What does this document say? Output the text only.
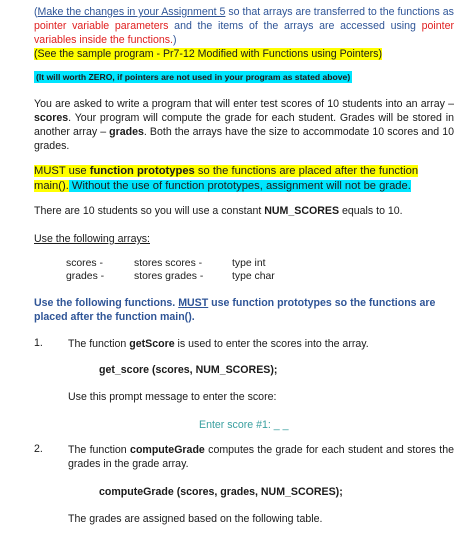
(Make the changes in your Assignment 5 so that arrays are transferred to the functions as pointer variable parameters and the items of the arrays are accessed using pointer variables inside the functions.)
(See the sample program - Pr7-12 Modified with Functions using Pointers)
(It will worth ZERO, if pointers are not used in your program as stated above)
You are asked to write a program that will enter test scores of 10 students into an array – scores. Your program will compute the grade for each student. Grades will be stored in another array – grades. Both the arrays have the size to accommodate 10 scores and 10 grades.
MUST use function prototypes so the functions are placed after the function main(). Without the use of function prototypes, assignment will not be grade.
There are 10 students so you will use a constant NUM_SCORES equals to 10.
Use the following arrays:
scores -	stores scores -	type int
grades -	stores grades -	type char
Use the following functions. MUST use function prototypes so the functions are placed after the function main().
1. The function getScore is used to enter the scores into the array.
get_score (scores, NUM_SCORES);
Use this prompt message to enter the score:
Enter score #1: _ _
2. The function computeGrade computes the grade for each student and stores the grades in the grade array.
computeGrade (scores, grades, NUM_SCORES);
The grades are assigned based on the following table.
